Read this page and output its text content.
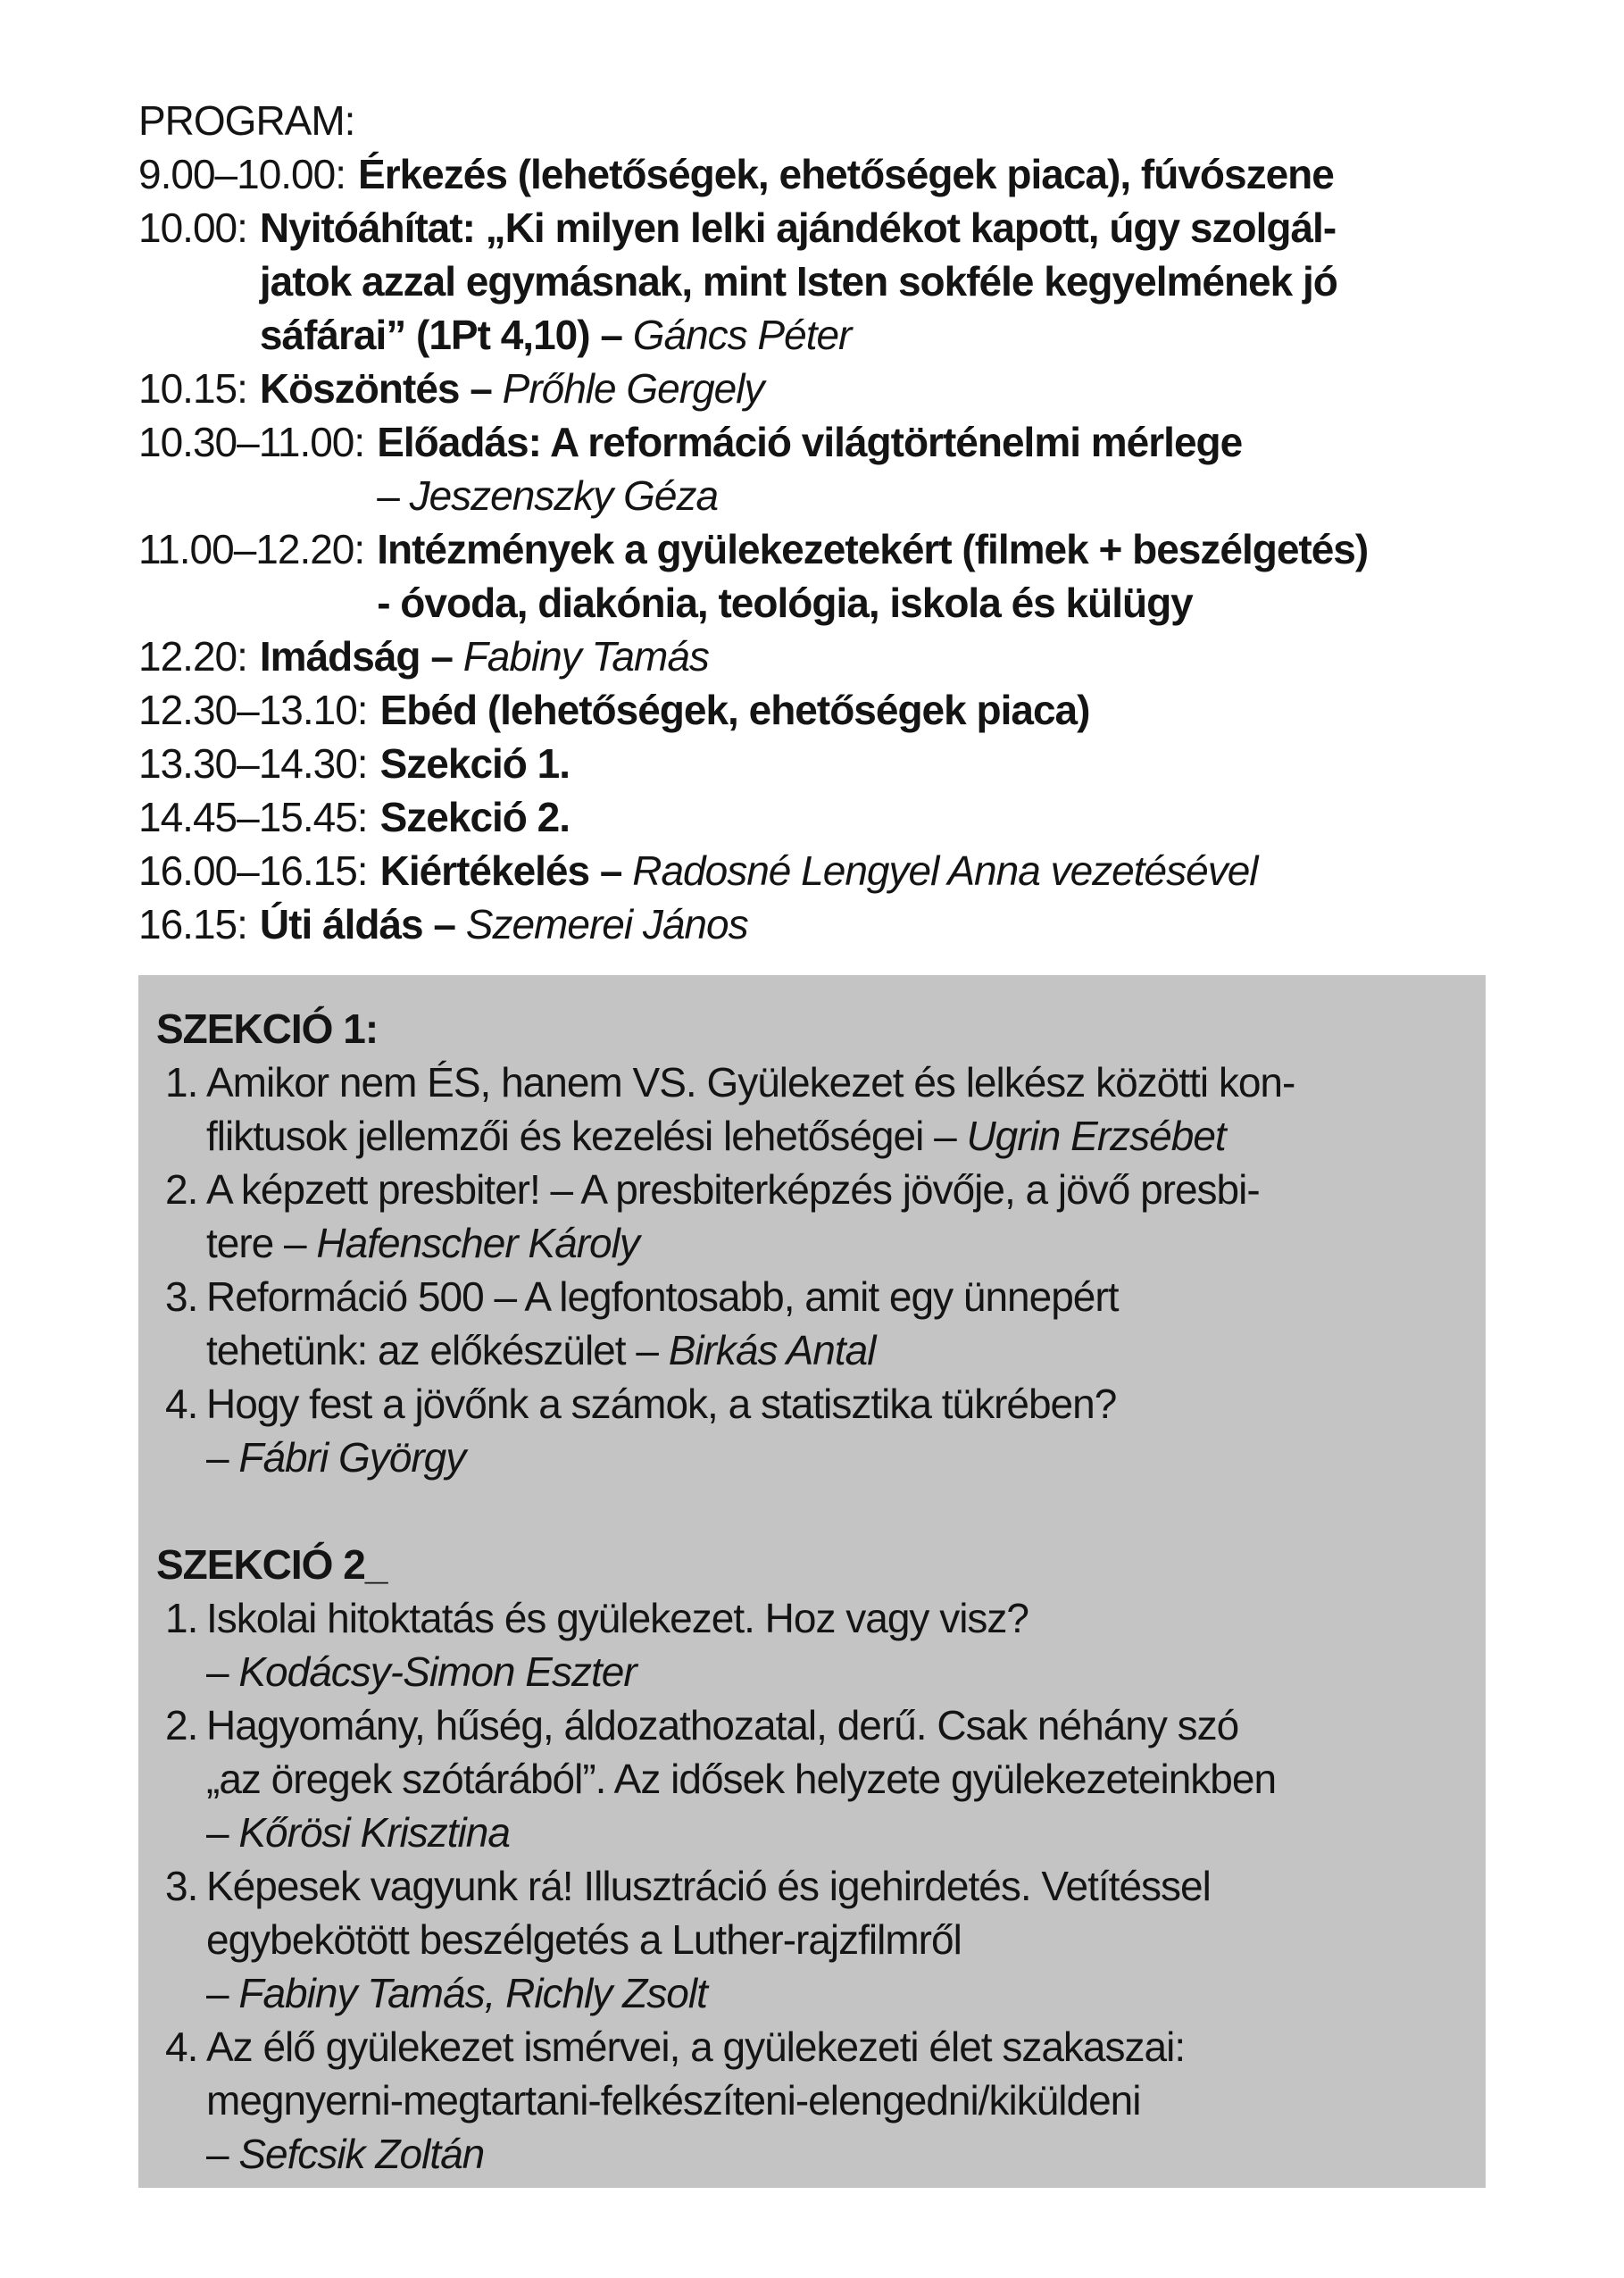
PROGRAM:
9.00–10.00: Érkezés (lehetőségek, ehetőségek piaca), fúvószene
10.00: Nyitóáhítat: „Ki milyen lelki ajándékot kapott, úgy szolgál-
jatok azzal egymásnak, mint Isten sokféle kegyelmének jó
sáfárai” (1Pt 4,10) – Gáncs Péter
10.15: Köszöntés – Prőhle Gergely
10.30–11.00: Előadás: A reformáció világtörténelmi mérlege
– Jeszenszky Géza
11.00–12.20: Intézmények a gyülekezetekért (filmek + beszélgetés)
- óvoda, diakónia, teológia, iskola és külügy
12.20: Imádság – Fabiny Tamás
12.30–13.10: Ebéd (lehetőségek, ehetőségek piaca)
13.30–14.30: Szekció 1.
14.45–15.45: Szekció 2.
16.00–16.15: Kiértékelés – Radosné Lengyel Anna vezetésével
16.15: Úti áldás – Szemerei János
SZEKCIÓ 1:
1. Amikor nem ÉS, hanem VS. Gyülekezet és lelkész közötti kon-
fliktusok jellemzői és kezelési lehetőségei – Ugrin Erzsébet
2. A képzett presbiter! – A presbiterképzés jövője, a jövő presbi-
tere – Hafenscher Károly
3. Reformáció 500 – A legfontosabb, amit egy ünnepért
tehetünk: az előkészület – Birkás Antal
4. Hogy fest a jövőnk a számok, a statisztika tükrében?
– Fábri György
SZEKCIÓ 2_
1. Iskolai hitoktatás és gyülekezet. Hoz vagy visz?
– Kodácsy-Simon Eszter
2. Hagyomány, hűség, áldozathozatal, derű. Csak néhány szó
„az öregek szótárából”. Az idősek helyzete gyülekezeteinkben
– Kőrösi Krisztina
3. Képesek vagyunk rá! Illusztráció és igehirdetés. Vetítéssel
egybekötött beszélgetés a Luther-rajzfilmről
– Fabiny Tamás, Richly Zsolt
4. Az élő gyülekezet ismérvei, a gyülekezeti élet szakaszai:
megnyerni-megtartani-felkészíteni-elengedni/kiküldeni
– Sefcsik Zoltán
